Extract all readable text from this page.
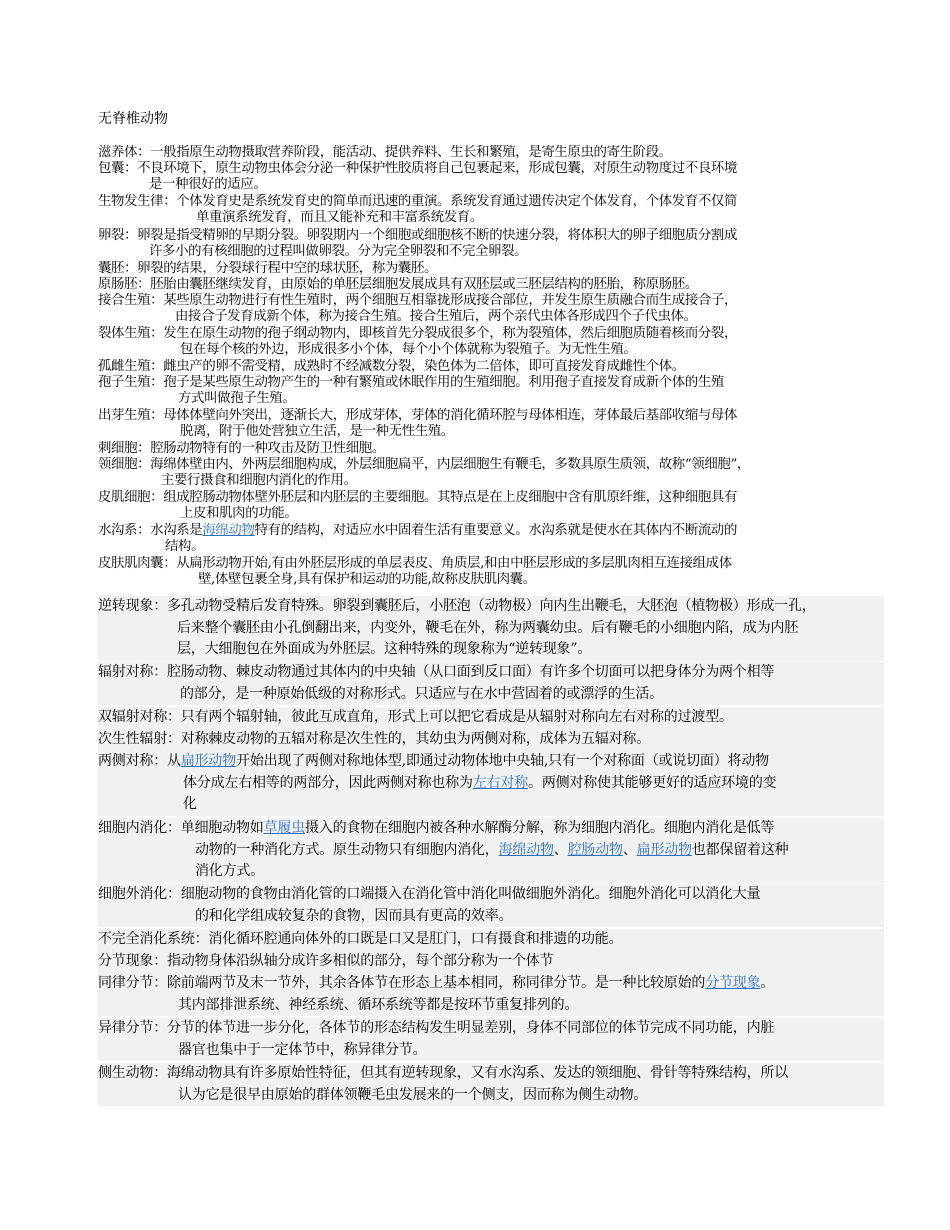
无脊椎动物
滋养体：一般指原生动物摄取营养阶段，能活动、提供养料、生长和繁殖，是寄生原虫的寄生阶段。
包囊：不良环境下，原生动物虫体会分泌一种保护性胶质将自己包裹起来，形成包囊，对原生动物度过不良环境
是一种很好的适应。
生物发生律：个体发育史是系统发育史的简单而迅速的重演。系统发育通过遗传决定个体发育，个体发育不仅简
单重演系统发育，而且又能补充和丰富系统发育。
卵裂：卵裂是指受精卵的早期分裂。卵裂期内一个细胞或细胞核不断的快速分裂，将体积大的卵子细胞质分割成
许多小的有核细胞的过程叫做卵裂。分为完全卵裂和不完全卵裂。
囊胚：卵裂的结果，分裂球行程中空的球状胚，称为囊胚。
原肠胚：胚胎由囊胚继续发育，由原始的单胚层细胞发展成具有双胚层或三胚层结构的胚胎，称原肠胚。
接合生殖：某些原生动物进行有性生殖时，两个细胞互相靠拢形成接合部位，并发生原生质融合而生成接合子，
由接合子发育成新个体，称为接合生殖。接合生殖后，两个亲代虫体各形成四个子代虫体。
裂体生殖：发生在原生动物的孢子纲动物内，即核首先分裂成很多个，称为裂殖体，然后细胞质随着核而分裂，
包在每个核的外边，形成很多小个体，每个小个体就称为裂殖子。为无性生殖。
孤雌生殖：雌虫产的卵不需受精，成熟时不经减数分裂，染色体为二倍体，即可直接发育成雌性个体。
孢子生殖：孢子是某些原生动物产生的一种有繁殖或休眠作用的生殖细胞。利用孢子直接发育成新个体的生殖
方式叫做孢子生殖。
出芽生殖：母体体壁向外突出，逐渐长大，形成芽体，芽体的消化循环腔与母体相连，芽体最后基部收缩与母体
脱离，附于他处营独立生活，是一种无性生殖。
刺细胞：腔肠动物特有的一种攻击及防卫性细胞。
领细胞：海绵体壁由内、外两层细胞构成，外层细胞扁平，内层细胞生有鞭毛，多数具原生质领，故称“领细胞”，
主要行摄食和细胞内消化的作用。
皮肌细胞：组成腔肠动物体壁外胚层和内胚层的主要细胞。其特点是在上皮细胞中含有肌原纤维，这种细胞具有
上皮和肌肉的功能。
水沟系：水沟系是海绵动物特有的结构，对适应水中固着生活有重要意义。水沟系就是使水在其体内不断流动的
结构。
皮肤肌肉囊：从扁形动物开始,有由外胚层形成的单层表皮、角质层,和由中胚层形成的多层肌肉相互连接组成体
壁,体壁包裹全身,具有保护和运动的功能,故称皮肤肌肉囊。
逆转现象：多孔动物受精后发育特殊。卵裂到囊胚后，小胚泡（动物极）向内生出鞭毛，大胚泡（植物极）形成一孔，
后来整个囊胚由小孔倒翻出来，内变外，鞭毛在外，称为两囊幼虫。后有鞭毛的小细胞内陷，成为内胚
层，大细胞包在外面成为外胚层。这种特殊的现象称为“逆转现象”。
辐射对称：腔肠动物、棘皮动物通过其体内的中央轴（从口面到反口面）有许多个切面可以把身体分为两个相等
的部分，是一种原始低级的对称形式。只适应与在水中营固着的或漂浮的生活。
双辐射对称：只有两个辐射轴，彼此互成直角，形式上可以把它看成是从辐射对称向左右对称的过渡型。
次生性辐射：对称棘皮动物的五辐对称是次生性的，其幼虫为两侧对称，成体为五辐对称。
两侧对称：从扁形动物开始出现了两侧对称地体型,即通过动物体地中央轴,只有一个对称面（或说切面）将动物
体分成左右相等的两部分，因此两侧对称也称为左右对称。两侧对称使其能够更好的适应环境的变
化
细胞内消化：单细胞动物如草履虫摄入的食物在细胞内被各种水解酶分解，称为细胞内消化。细胞内消化是低等
动物的一种消化方式。原生动物只有细胞内消化，海绵动物、腔肠动物、扁形动物也都保留着这种
消化方式。
细胞外消化：细胞动物的食物由消化管的口端摄入在消化管中消化叫做细胞外消化。细胞外消化可以消化大量
的和化学组成较复杂的食物，因而具有更高的效率。
不完全消化系统：消化循环腔通向体外的口既是口又是肛门，口有摄食和排遗的功能。
分节现象：指动物身体沿纵轴分成许多相似的部分，每个部分称为一个体节
同律分节：除前端两节及末一节外，其余各体节在形态上基本相同，称同律分节。是一种比较原始的分节现象。
其内部排泄系统、神经系统、循环系统等都是按环节重复排列的。
异律分节：分节的体节进一步分化，各体节的形态结构发生明显差别，身体不同部位的体节完成不同功能，内脏
器官也集中于一定体节中，称异律分节。
侧生动物：海绵动物具有许多原始性特征，但其有逆转现象，又有水沟系、发达的领细胞、骨针等特殊结构，所以
认为它是很早由原始的群体领鞭毛虫发展来的一个侧支，因而称为侧生动物。
